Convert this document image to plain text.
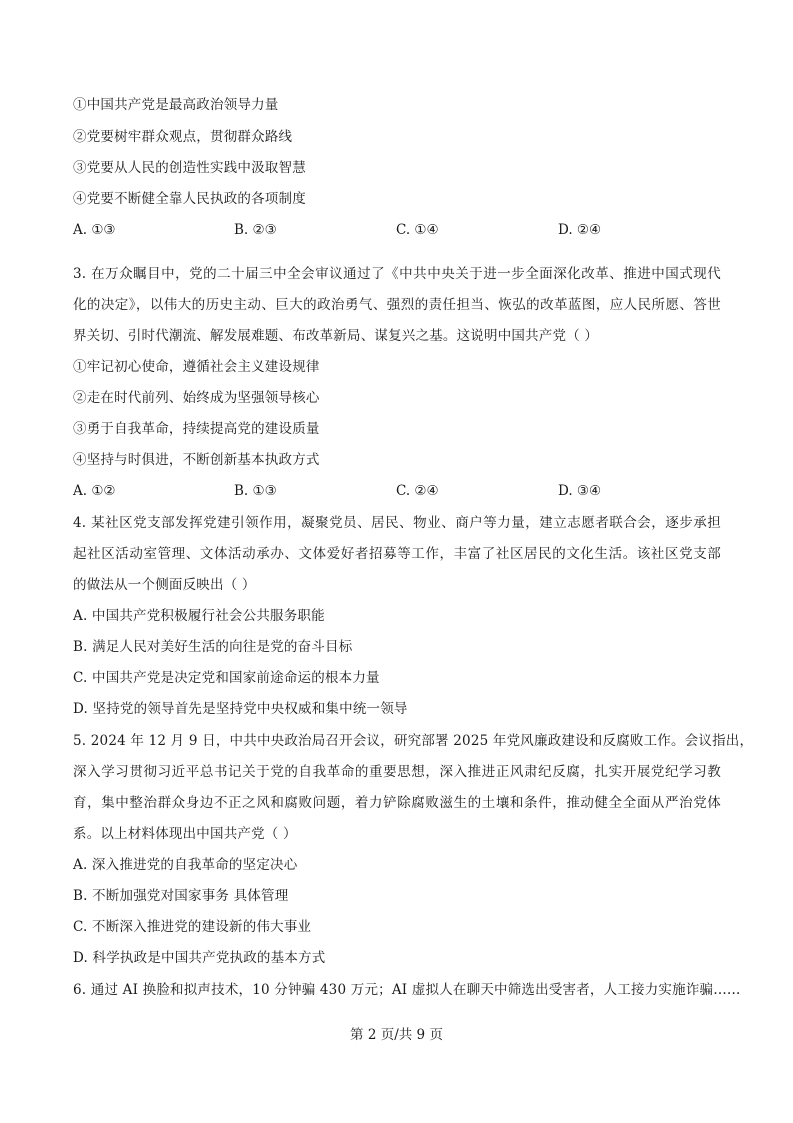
①中国共产党是最高政治领导力量
②党要树牢群众观点，贯彻群众路线
③党要从人民的创造性实践中汲取智慧
④党要不断健全靠人民执政的各项制度
A. ①③	B. ②③	C. ①④	D. ②④
3. 在万众瞩目中，党的二十届三中全会审议通过了《中共中央关于进一步全面深化改革、推进中国式现代
化的决定》，以伟大的历史主动、巨大的政治勇气、强烈的责任担当、恢弘的改革蓝图，应人民所愿、答世
界关切、引时代潮流、解发展难题、布改革新局、谋复兴之基。这说明中国共产党（ ）
①牢记初心使命，遵循社会主义建设规律
②走在时代前列、始终成为坚强领导核心
③勇于自我革命，持续提高党的建设质量
④坚持与时俱进，不断创新基本执政方式
A. ①②	B. ①③	C. ②④	D. ③④
4. 某社区党支部发挥党建引领作用，凝聚党员、居民、物业、商户等力量，建立志愿者联合会，逐步承担
起社区活动室管理、文体活动承办、文体爱好者招募等工作，丰富了社区居民的文化生活。该社区党支部
的做法从一个侧面反映出（ ）
A. 中国共产党积极履行社会公共服务职能
B. 满足人民对美好生活的向往是党的奋斗目标
C. 中国共产党是决定党和国家前途命运的根本力量
D. 坚持党的领导首先是坚持党中央权威和集中统一领导
5. 2024 年 12 月 9 日，中共中央政治局召开会议，研究部署 2025 年党风廉政建设和反腐败工作。会议指出，
深入学习贯彻习近平总书记关于党的自我革命的重要思想，深入推进正风肃纪反腐，扎实开展党纪学习教
育，集中整治群众身边不正之风和腐败问题，着力铲除腐败滋生的土壤和条件，推动健全全面从严治党体
系。以上材料体现出中国共产党（ ）
A. 深入推进党的自我革命的坚定决心
B. 不断加强党对国家事务 具体管理
C. 不断深入推进党的建设新的伟大事业
D. 科学执政是中国共产党执政的基本方式
6. 通过 AI 换脸和拟声技术，10 分钟骗 430 万元；AI 虚拟人在聊天中筛选出受害者，人工接力实施诈骗……
第 2 页/共 9 页
